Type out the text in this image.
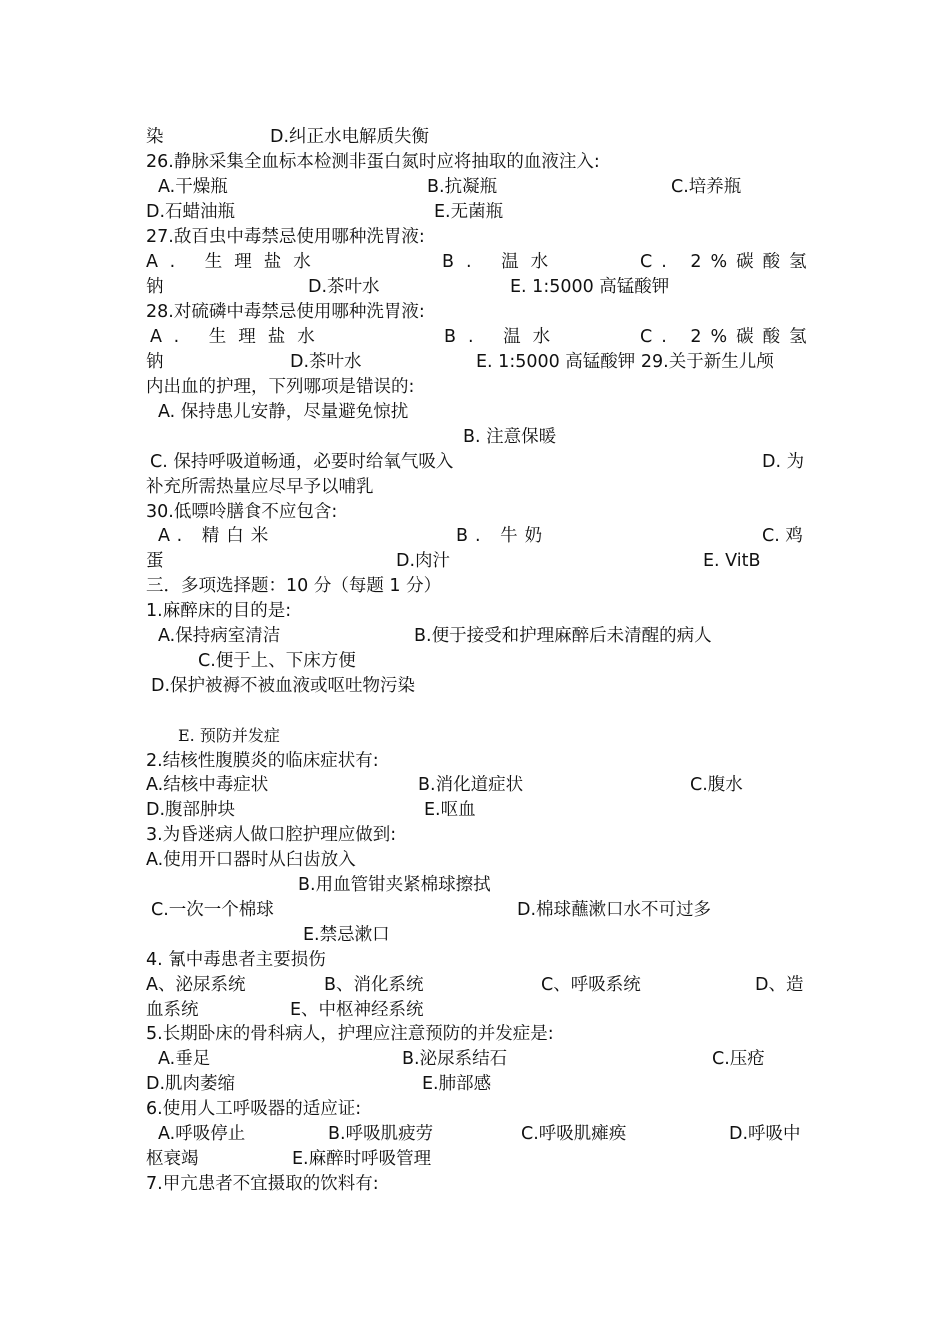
染	D.纠正水电解质失衡
26.静脉采集全血标本检测非蛋白氮时应将抽取的血液注入:
A.干燥瓶	B.抗凝瓶	C.培养瓶
D.石蜡油瓶	E.无菌瓶
27.敌百虫中毒禁忌使用哪种洗胃液:
A. 生理盐水	B. 温水	C. 2%碳酸氢
钠	D.茶叶水	E. 1:5000 高锰酸钾
28.对硫磷中毒禁忌使用哪种洗胃液:
A. 生理盐水	B. 温水	C. 2%碳酸氢
钠	D.茶叶水	E. 1:5000 高锰酸钾 29.关于新生儿颅
内出血的护理，下列哪项是错误的:
A. 保持患儿安静，尽量避免惊扰
B. 注意保暖
C. 保持呼吸道畅通，必要时给氧气吸入	D. 为
补充所需热量应尽早予以哺乳
30.低嘌呤膳食不应包含:
A. 精白米	B. 牛奶	C. 鸡
蛋	D.肉汁	E. VitB
三．多项选择题：10 分（每题 1 分）
1.麻醉床的目的是:
A.保持病室清洁	B.便于接受和护理麻醉后未清醒的病人
C.便于上、下床方便
D.保护被褥不被血液或呕吐物污染
E. 预防并发症
2.结核性腹膜炎的临床症状有:
A.结核中毒症状	B.消化道症状	C.腹水
D.腹部肿块	E.呕血
3.为昏迷病人做口腔护理应做到:
A.使用开口器时从臼齿放入
B.用血管钳夹紧棉球擦拭
C.一次一个棉球	D.棉球蘸漱口水不可过多
E.禁忌漱口
4. 氰中毒患者主要损伤
A、泌尿系统	B、消化系统	C、呼吸系统	D、造
血系统	E、中枢神经系统
5.长期卧床的骨科病人，护理应注意预防的并发症是:
A.垂足	B.泌尿系结石	C.压疮
D.肌肉萎缩	E.肺部感
6.使用人工呼吸器的适应证:
A.呼吸停止	B.呼吸肌疲劳	C.呼吸肌瘫痪	D.呼吸中
枢衰竭	E.麻醉时呼吸管理
7.甲亢患者不宜摄取的饮料有:
